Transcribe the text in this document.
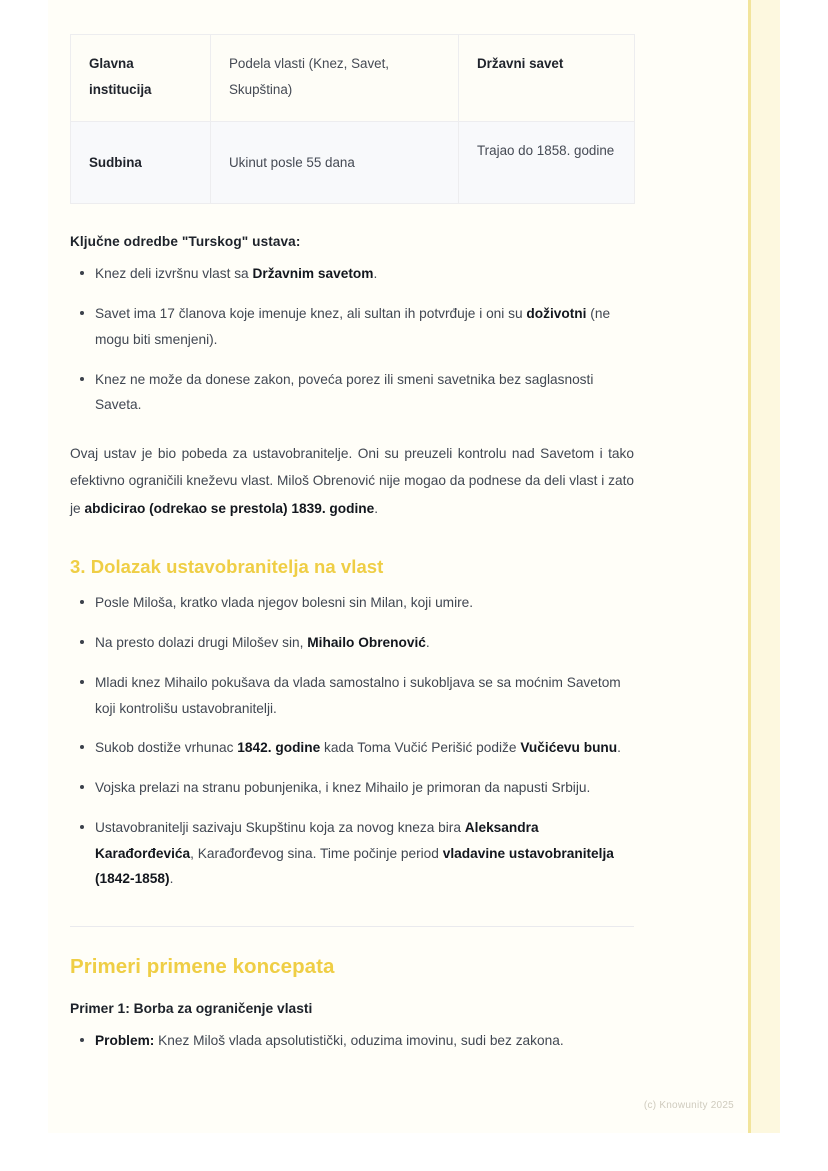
Glavna institucija	Podela vlasti (Knez, Savet, Skupština)	Državni savet
Sudbina	Ukinut posle 55 dana	Trajao do 1858. godine

Ključne odredbe "Turskog" ustava:

Knez deli izvršnu vlast sa Državnim savetom.
Savet ima 17 članova koje imenuje knez, ali sultan ih potvrđuje i oni su doživotni (ne mogu biti smenjeni).
Knez ne može da donese zakon, poveća porez ili smeni savetnika bez saglasnosti Saveta.

Ovaj ustav je bio pobeda za ustavobranitelje. Oni su preuzeli kontrolu nad Savetom i tako efektivno ograničili kneževu vlast. Miloš Obrenović nije mogao da podnese da deli vlast i zato je abdicirao (odrekao se prestola) 1839. godine.

3. Dolazak ustavobranitelja na vlast
Posle Miloša, kratko vlada njegov bolesni sin Milan, koji umire.
Na presto dolazi drugi Milošev sin, Mihailo Obrenović.
Mladi knez Mihailo pokušava da vlada samostalno i sukobljava se sa moćnim Savetom koji kontrolišu ustavobranitelji.
Sukob dostiže vrhunac 1842. godine kada Toma Vučić Perišić podiže Vučićevu bunu.
Vojska prelazi na stranu pobunjenika, i knez Mihailo je primoran da napusti Srbiju.
Ustavobranitelji sazivaju Skupštinu koja za novog kneza bira Aleksandra Karađorđevića, Karađorđevog sina. Time počinje period vladavine ustavobranitelja (1842-1858).
Primeri primene koncepata
Primer 1: Borba za ograničenje vlasti
Problem: Knez Miloš vlada apsolutistički, oduzima imovinu, sudi bez zakona.
(c) Knowunity 2025
